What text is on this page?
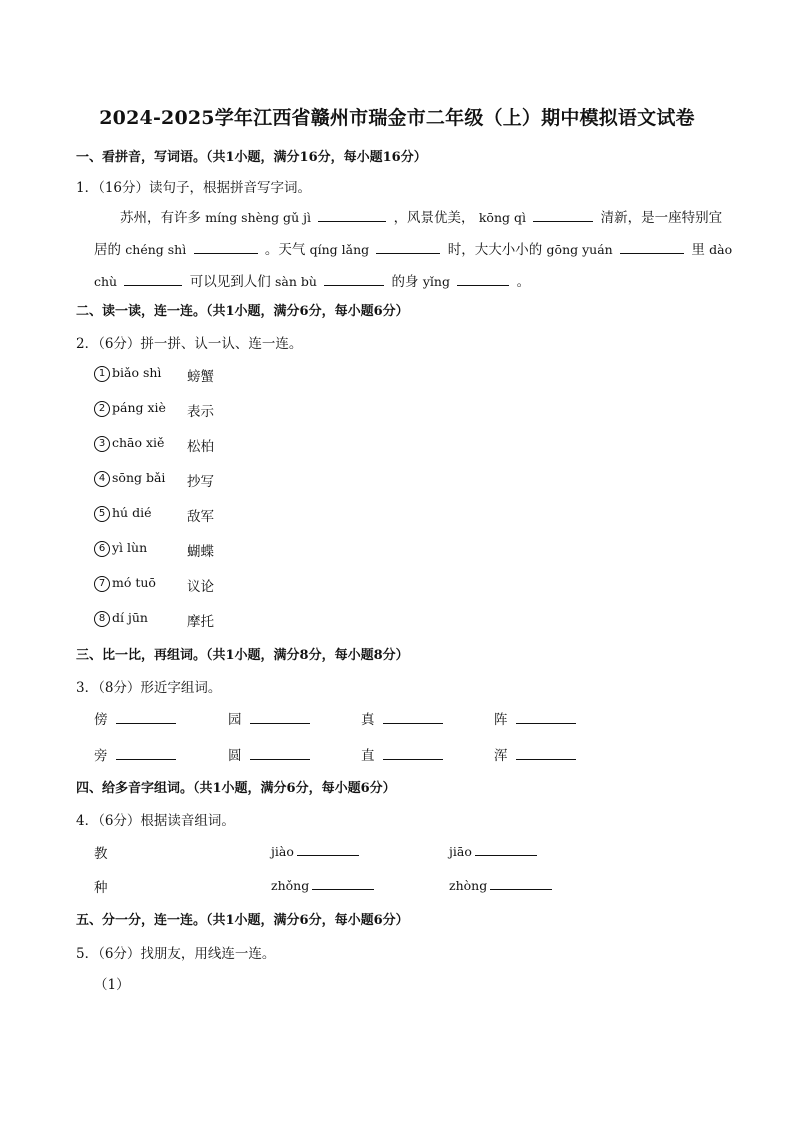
2024-2025学年江西省赣州市瑞金市二年级（上）期中模拟语文试卷
一、看拼音，写词语。（共1小题，满分16分，每小题16分）
1．（16分）读句子，根据拼音写字词。
苏州，有许多 míng shèng gǔ jì	，风景优美， kōng qì	清新，是一座特别宜
居的 chéng shì	。天气 qíng lǎng	时，大大小小的 gōng yuán	里 dào
chù	可以见到人们 sàn bù	的身 yǐng	。
二、读一读，连一连。（共1小题，满分6分，每小题6分）
2．（6分）拼一拼、认一认、连一连。
1 biǎo shì 螃蟹
2 páng xiè 表示
3 chāo xiě 松柏
4 sōng bǎi 抄写
5 hú dié	敌军
6 yì lùn	蝴蝶
7 mó tuō 议论
8 dí jūn	摩托
三、比一比，再组词。（共1小题，满分8分，每小题8分）
3．（8分）形近字组词。
傍	园	真	阵
旁	圆	直	浑
四、给多音字组词。（共1小题，满分6分，每小题6分）
4．（6分）根据读音组词。
教	jiào	jiāo
种	zhǒng	zhòng
五、分一分，连一连。（共1小题，满分6分，每小题6分）
5．（6分）找朋友，用线连一连。
（1）
